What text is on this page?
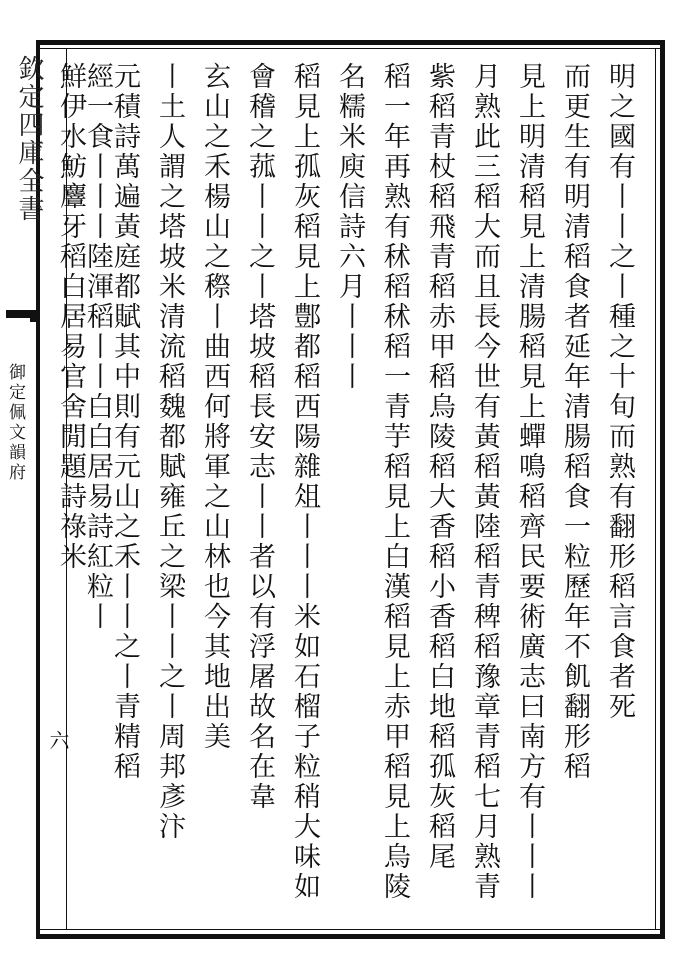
欽定四庫全書
御定佩文韻府
六
明之國有丨丨之丨種之十旬而熟有翻形稻言食者死
而更生有明清稻食者延年清腸稻食一粒歷年不飢翻形稻
見上明清稻見上清腸稻見上蟬鳴稻齊民要術廣志曰南方有丨丨丨
月熟此三稻大而且長今世有黃稻黃陸稻青稗稻豫章青稻七月熟青
紫稻青杖稻飛青稻赤甲稻烏陵稻大香稻小香稻白地稻孤灰稻尾
稻一年再熟有秫稻秫稻一青芋稻見上白漢稻見上赤甲稻見上烏陵
名糯米庾信詩六月丨丨丨
稻見上孤灰稻見上鄷都稻西陽雜俎丨丨丨米如石榴子粒稍大味如
會稽之菰丨丨之丨塔坡稻長安志丨丨者以有浮屠故名在韋
玄山之禾楊山之穄丨曲西何將軍之山林也今其地出美
丨土人謂之塔坡米清流稻魏都賦雍丘之梁丨丨之丨周邦彥汴
元積詩萬遍黃庭都賦其中則有元山之禾丨丨之丨青精稻
經一食丨丨丨陸渾稻丨丨白白居易詩紅粒丨
鮮伊水魴麞牙稻白居易官舍閒題詩祿米
